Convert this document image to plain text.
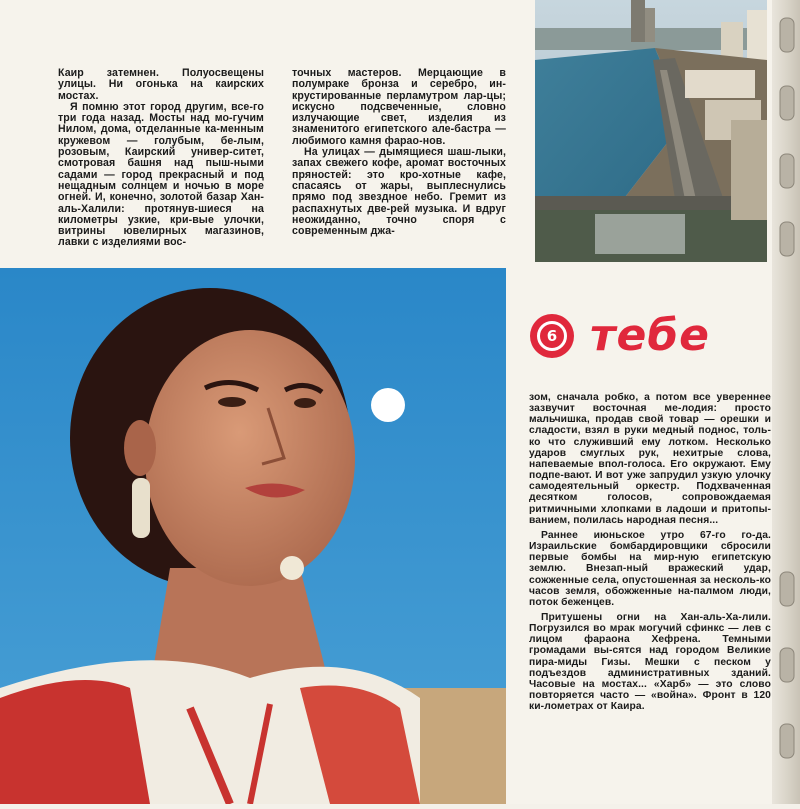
Каир затемнен. Полуосвещены улицы. Ни огонька на каирских мостах.

Я помню этот город другим, все-го три года назад. Мосты над мо-гучим Нилом, дома, отделанные ка-менным кружевом — голубым, бе-лым, розовым, Каирский универ-ситет, смотровая башня над пыш-ными садами — город прекрасный и под нещадным солнцем и ночью в море огней. И, конечно, золотой базар Хан-аль-Халили: протянув-шиеся на километры узкие, кри-вые улочки, витрины ювелирных магазинов, лавки с изделиями вос-

точных мастеров. Мерцающие в полумраке бронза и серебро, ин-крустированные перламутром лар-цы; искусно подсвеченные, словно излучающие свет, изделия из знаменитого египетского але-бастра — любимого камня фарао-нов.

На улицах — дымящиеся шаш-лыки, запах свежего кофе, аромат восточных пряностей: это кро-хотные кафе, спасаясь от жары, выплеснулись прямо под звездное небо. Гремит из распахнутых две-рей музыка. И вдруг неожиданно, точно споря с современным джа-

6 тебе

зом, сначала робко, а потом все увереннее зазвучит восточная ме-лодия: просто мальчишка, продав свой товар — орешки и сладости, взял в руки медный поднос, толь-ко что служивший ему лотком. Несколько ударов смуглых рук, нехитрые слова, напеваемые впол-голоса. Его окружают. Ему подпе-вают. И вот уже запрудил узкую улочку самодеятельный оркестр. Подхваченная десятком голосов, сопровождаемая ритмичными хлопками в ладоши и притопы-ванием, полилась народная песня...

Раннее июньское утро 67-го го-да. Израильские бомбардировщики сбросили первые бомбы на мир-ную египетскую землю. Внезап-ный вражеский удар, сожженные села, опустошенная за несколь-ко часов земля, обожженные на-палмом люди, поток беженцев.

Притушены огни на Хан-аль-Ха-лили. Погрузился во мрак могучий сфинкс — лев с лицом фараона Хефрена. Темными громадами вы-сятся над городом Великие пира-миды Гизы. Мешки с песком у подъездов административных зданий. Часовые на мостах... «Харб» — это слово повторяется часто — «война». Фронт в 120 ки-лометрах от Каира.
